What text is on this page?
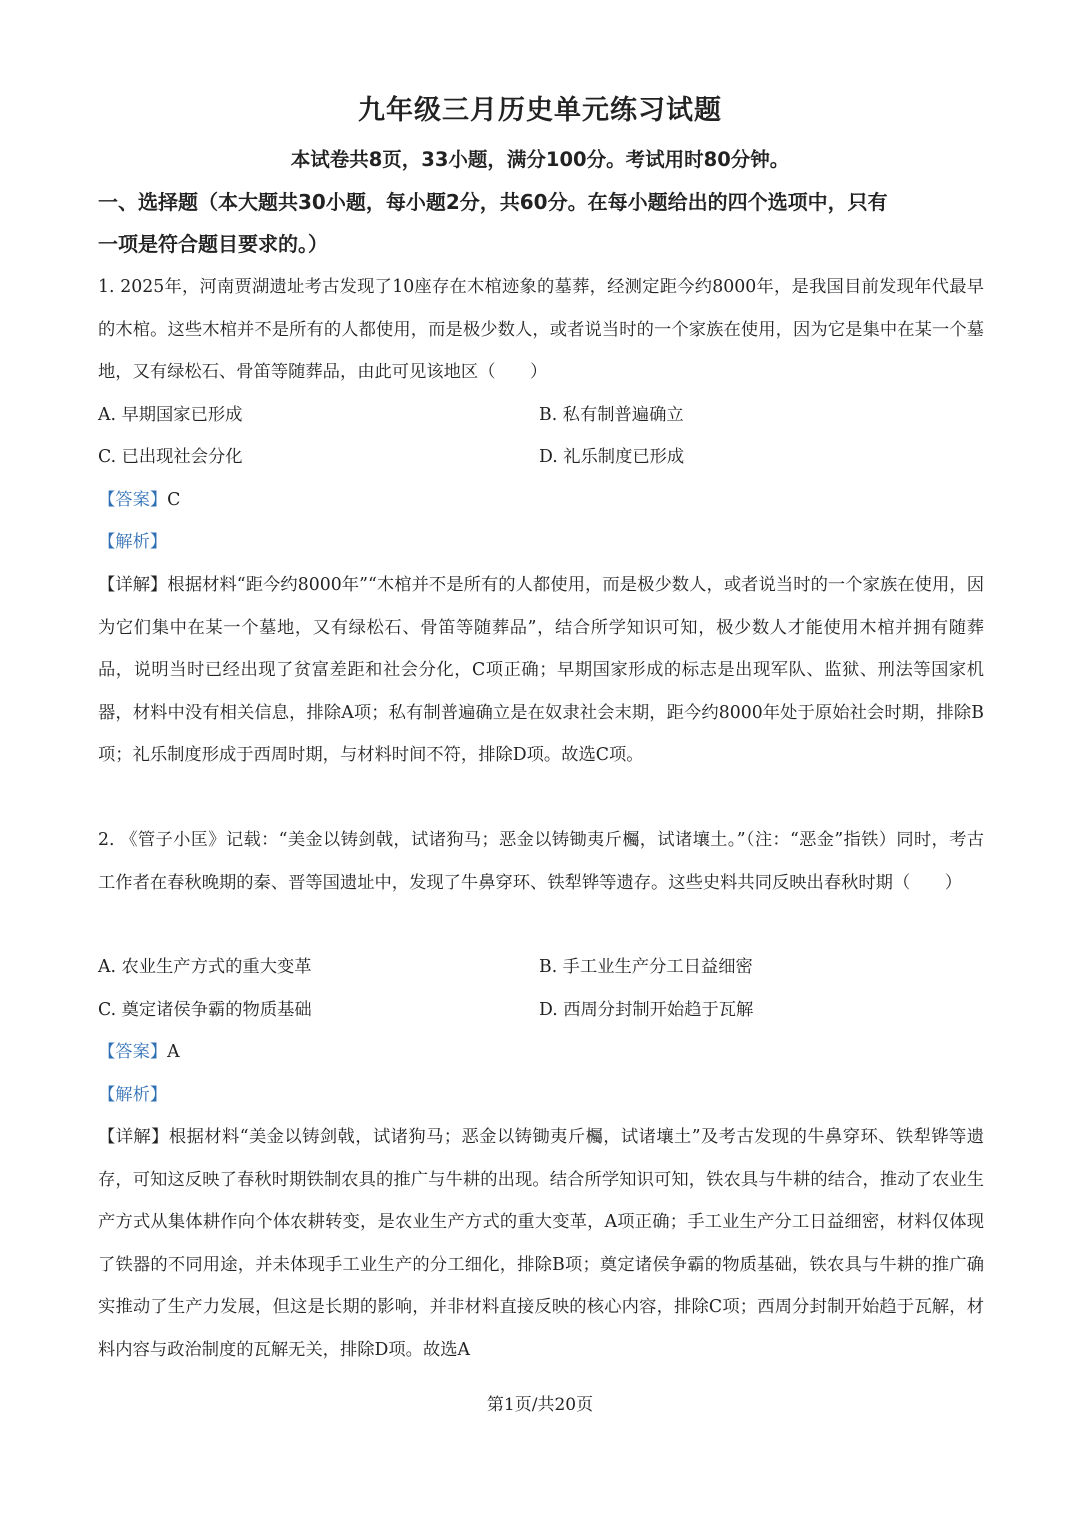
九年级三月历史单元练习试题
本试卷共8页，33小题，满分100分。考试用时80分钟。
一、选择题（本大题共30小题，每小题2分，共60分。在每小题给出的四个选项中，只有
一项是符合题目要求的。）
1. 2025年，河南贾湖遗址考古发现了10座存在木棺迹象的墓葬，经测定距今约8000年，是我国目前发现年代最早的木棺。这些木棺并不是所有的人都使用，而是极少数人，或者说当时的一个家族在使用，因为它是集中在某一个墓地，又有绿松石、骨笛等随葬品，由此可见该地区（　　）
A. 早期国家已形成	B. 私有制普遍确立
C. 已出现社会分化	D. 礼乐制度已形成
【答案】C
【解析】
【详解】根据材料“距今约8000年”“木棺并不是所有的人都使用，而是极少数人，或者说当时的一个家族在使用，因为它们集中在某一个墓地，又有绿松石、骨笛等随葬品”，结合所学知识可知，极少数人才能使用木棺并拥有随葬品，说明当时已经出现了贫富差距和社会分化，C项正确；早期国家形成的标志是出现军队、监狱、刑法等国家机器，材料中没有相关信息，排除A项；私有制普遍确立是在奴隶社会末期，距今约8000年处于原始社会时期，排除B项；礼乐制度形成于西周时期，与材料时间不符，排除D项。故选C项。
2. 《管子小匡》记载：“美金以铸剑戟，试诸狗马；恶金以铸锄夷斤欘，试诸壤土。”（注：“恶金”指铁）同时，考古工作者在春秋晚期的秦、晋等国遗址中，发现了牛鼻穿环、铁犁铧等遗存。这些史料共同反映出春秋时期（　　）
A. 农业生产方式的重大变革	B. 手工业生产分工日益细密
C. 奠定诸侯争霸的物质基础	D. 西周分封制开始趋于瓦解
【答案】A
【解析】
【详解】根据材料“美金以铸剑戟，试诸狗马；恶金以铸锄夷斤欘，试诸壤土”及考古发现的牛鼻穿环、铁犁铧等遗存，可知这反映了春秋时期铁制农具的推广与牛耕的出现。结合所学知识可知，铁农具与牛耕的结合，推动了农业生产方式从集体耕作向个体农耕转变，是农业生产方式的重大变革，A项正确；手工业生产分工日益细密，材料仅体现了铁器的不同用途，并未体现手工业生产的分工细化，排除B项；奠定诸侯争霸的物质基础，铁农具与牛耕的推广确实推动了生产力发展，但这是长期的影响，并非材料直接反映的核心内容，排除C项；西周分封制开始趋于瓦解，材料内容与政治制度的瓦解无关，排除D项。故选A
第1页/共20页
